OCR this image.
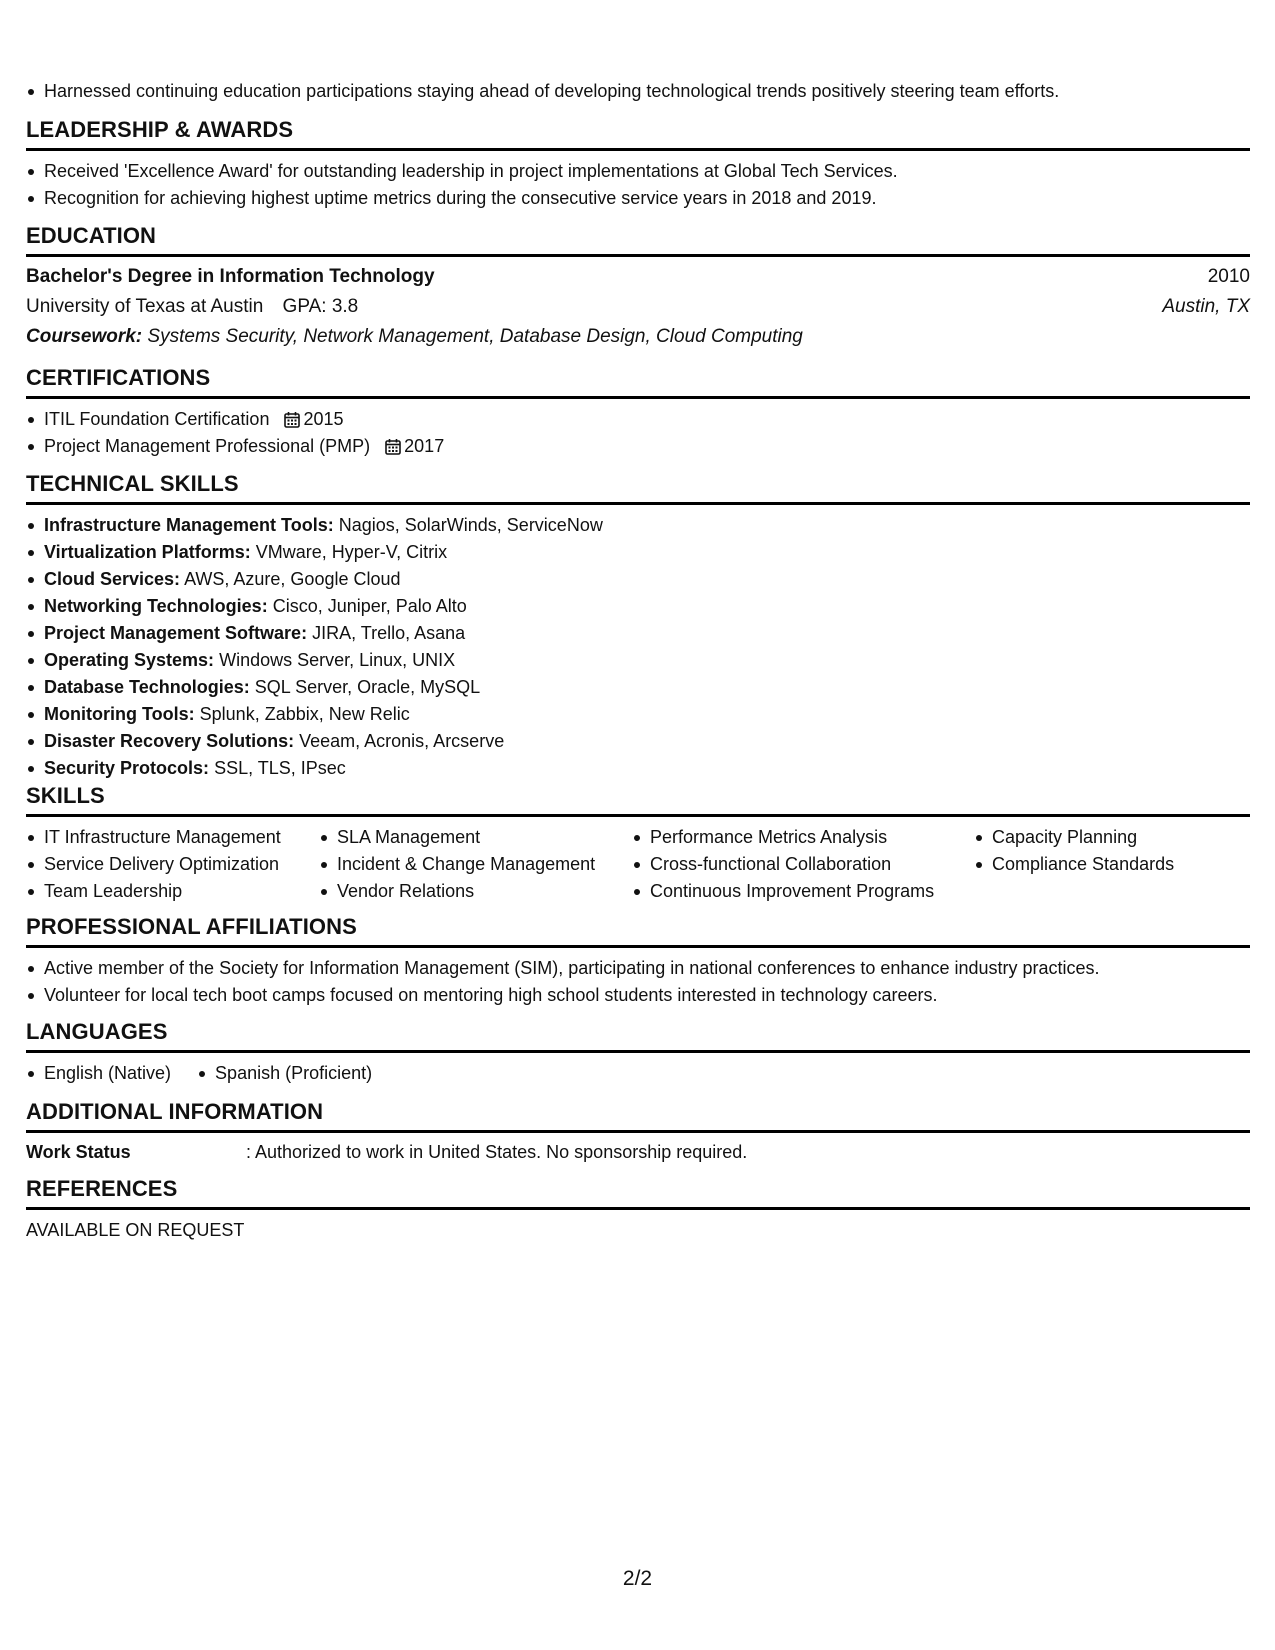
Harnessed continuing education participations staying ahead of developing technological trends positively steering team efforts.
LEADERSHIP & AWARDS
Received 'Excellence Award' for outstanding leadership in project implementations at Global Tech Services.
Recognition for achieving highest uptime metrics during the consecutive service years in 2018 and 2019.
EDUCATION
Bachelor's Degree in Information Technology	2010
University of Texas at Austin GPA: 3.8	Austin, TX
Coursework: Systems Security, Network Management, Database Design, Cloud Computing
CERTIFICATIONS
ITIL Foundation Certification 2015
Project Management Professional (PMP) 2017
TECHNICAL SKILLS
Infrastructure Management Tools: Nagios, SolarWinds, ServiceNow
Virtualization Platforms: VMware, Hyper-V, Citrix
Cloud Services: AWS, Azure, Google Cloud
Networking Technologies: Cisco, Juniper, Palo Alto
Project Management Software: JIRA, Trello, Asana
Operating Systems: Windows Server, Linux, UNIX
Database Technologies: SQL Server, Oracle, MySQL
Monitoring Tools: Splunk, Zabbix, New Relic
Disaster Recovery Solutions: Veeam, Acronis, Arcserve
Security Protocols: SSL, TLS, IPsec
SKILLS
IT Infrastructure Management
Service Delivery Optimization
Team Leadership
SLA Management
Incident & Change Management
Vendor Relations
Performance Metrics Analysis
Cross-functional Collaboration
Continuous Improvement Programs
Capacity Planning
Compliance Standards
PROFESSIONAL AFFILIATIONS
Active member of the Society for Information Management (SIM), participating in national conferences to enhance industry practices.
Volunteer for local tech boot camps focused on mentoring high school students interested in technology careers.
LANGUAGES
English (Native)	Spanish (Proficient)
ADDITIONAL INFORMATION
Work Status	: Authorized to work in United States. No sponsorship required.
REFERENCES
AVAILABLE ON REQUEST
2/2
